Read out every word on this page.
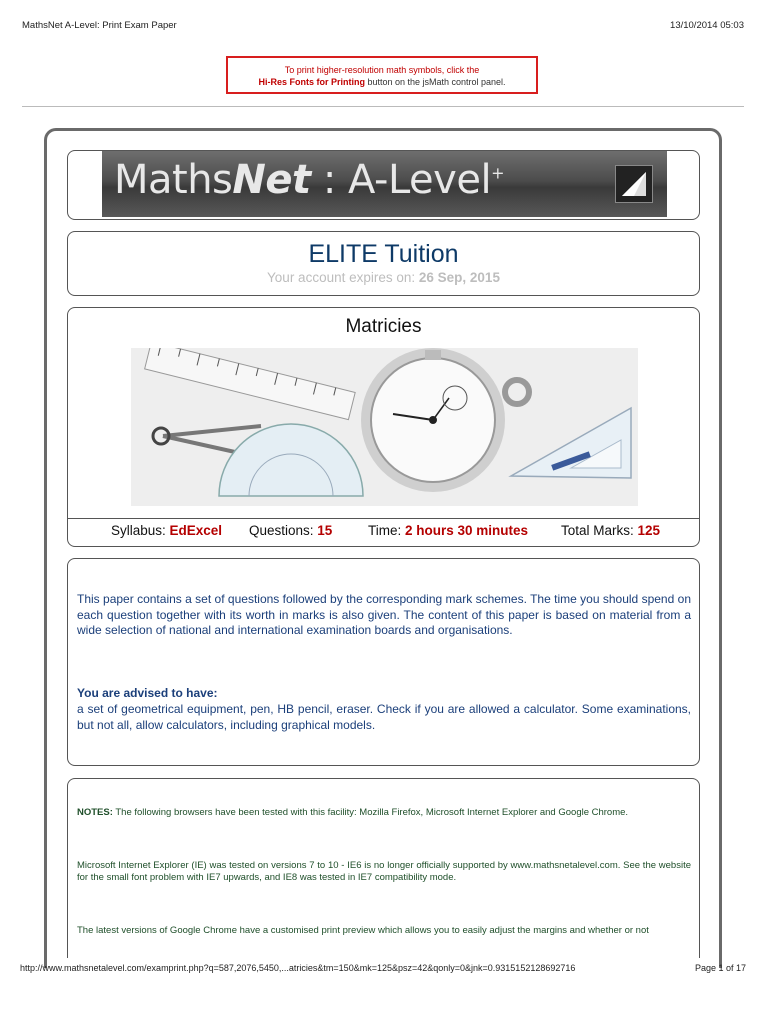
MathsNet A-Level: Print Exam Paper	13/10/2014 05:03
To print higher-resolution math symbols, click the
Hi-Res Fonts for Printing button on the jsMath control panel.
MathsNet : A-Level+
ELITE Tuition
Your account expires on: 26 Sep, 2015
Matricies
Syllabus: EdExcel Questions: 15	Time: 2 hours 30 minutes Total Marks: 125

This paper contains a set of questions followed by the corresponding mark schemes. The time you should spend on each question together with its worth in marks is also given. The content of this paper is based on material from a wide selection of national and international examination boards and organisations.

You are advised to have:

a set of geometrical equipment, pen, HB pencil, eraser. Check if you are allowed a calculator. Some examinations, but not all, allow calculators, including graphical models.

NOTES: The following browsers have been tested with this facility: Mozilla Firefox, Microsoft Internet Explorer and Google Chrome.

Microsoft Internet Explorer (IE) was tested on versions 7 to 10 - IE6 is no longer officially supported by www.mathsnetalevel.com. See the website for the small font problem with IE7 upwards, and IE8 was tested in IE7 compatibility mode.

The latest versions of Google Chrome have a customised print preview which allows you to easily adjust the margins and whether or not

http://www.mathsnetalevel.com/examprint.php?q=587,2076,5450,...atricies&tm=150&mk=125&psz=42&qonly=0&jnk=0.9315152128692716	Page 1 of 17
